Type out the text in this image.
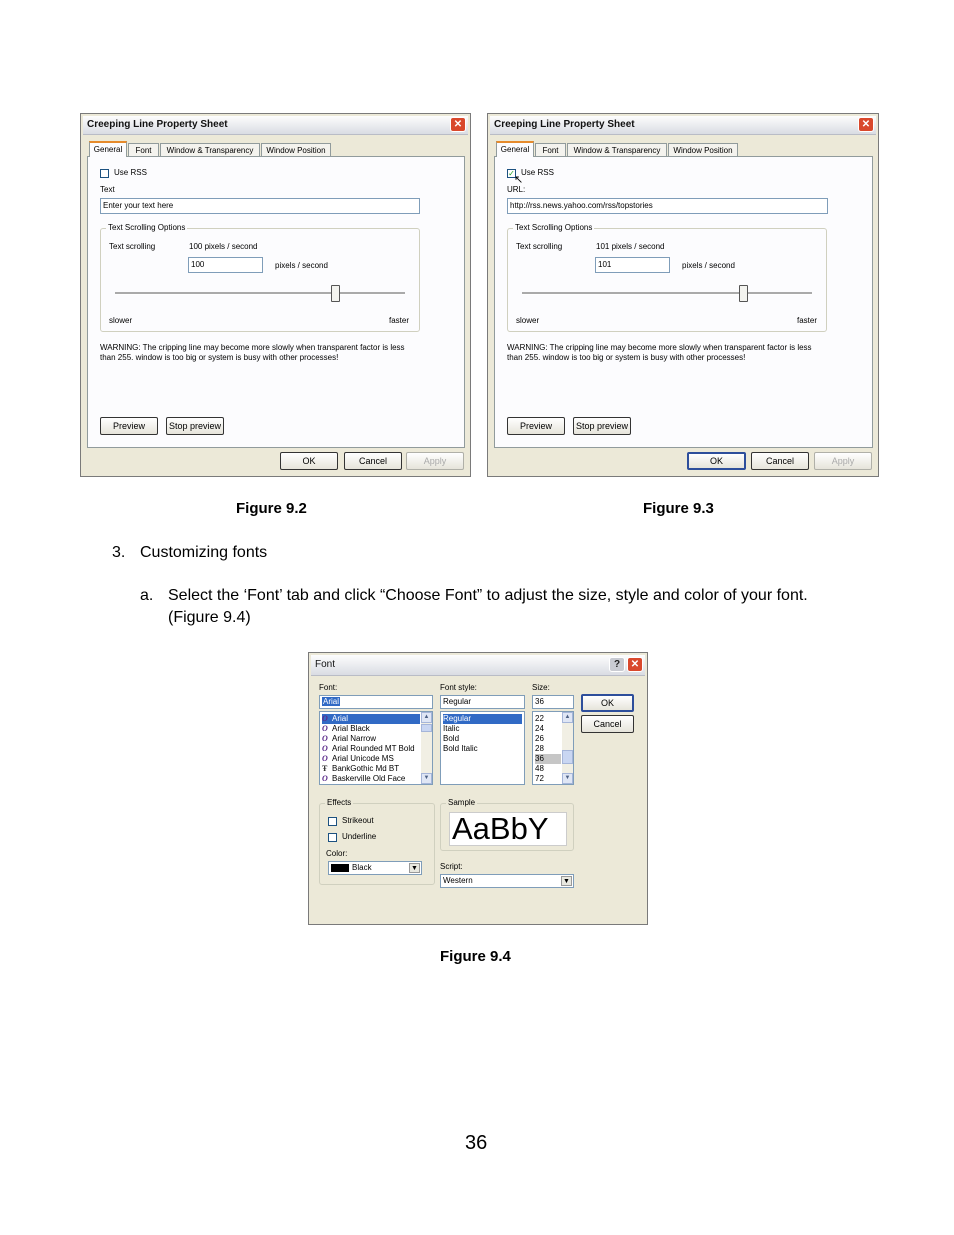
Creeping Line Property Sheet	✕
General	Font	Window & Transparency	Window Position
Use RSS
Text
Enter your text here
Text Scrolling Options
Text scrolling	100 pixels / second
100	pixels / second
slower	faster
WARNING: The cripping line may become more slowly when transparent factor is less than 255. window is too big or system is busy with other processes!
Preview	Stop preview
OK	Cancel	Apply
Creeping Line Property Sheet	✕
General	Font	Window & Transparency	Window Position
✓ Use RSS
↖
URL:
http://rss.news.yahoo.com/rss/topstories
Text Scrolling Options
Text scrolling	101 pixels / second
101	pixels / second
slower	faster
WARNING: The cripping line may become more slowly when transparent factor is less than 255. window is too big or system is busy with other processes!
Preview	Stop preview
OK	Cancel	Apply
Figure 9.2	Figure 9.3
3. Customizing fonts
a. Select the ‘Font’ tab and click “Choose Font” to adjust the size, style and color of your font.
(Figure 9.4)
Font	?	✕
Font:
Arial
O Arial
O Arial Black
O Arial Narrow
O Arial Rounded MT Bold
O Arial Unicode MS
Ŧ BankGothic Md BT
O Baskerville Old Face
▲
▼
Font style:
Regular
Regular
Italic
Bold
Bold Italic
Size:
36
22
24
26
28
36
48
72
▲
▼
OK
Cancel
Effects
Strikeout
Underline
Color:
Black	▼
Sample
AaBbY
Script:
Western	▼
Figure 9.4
36
